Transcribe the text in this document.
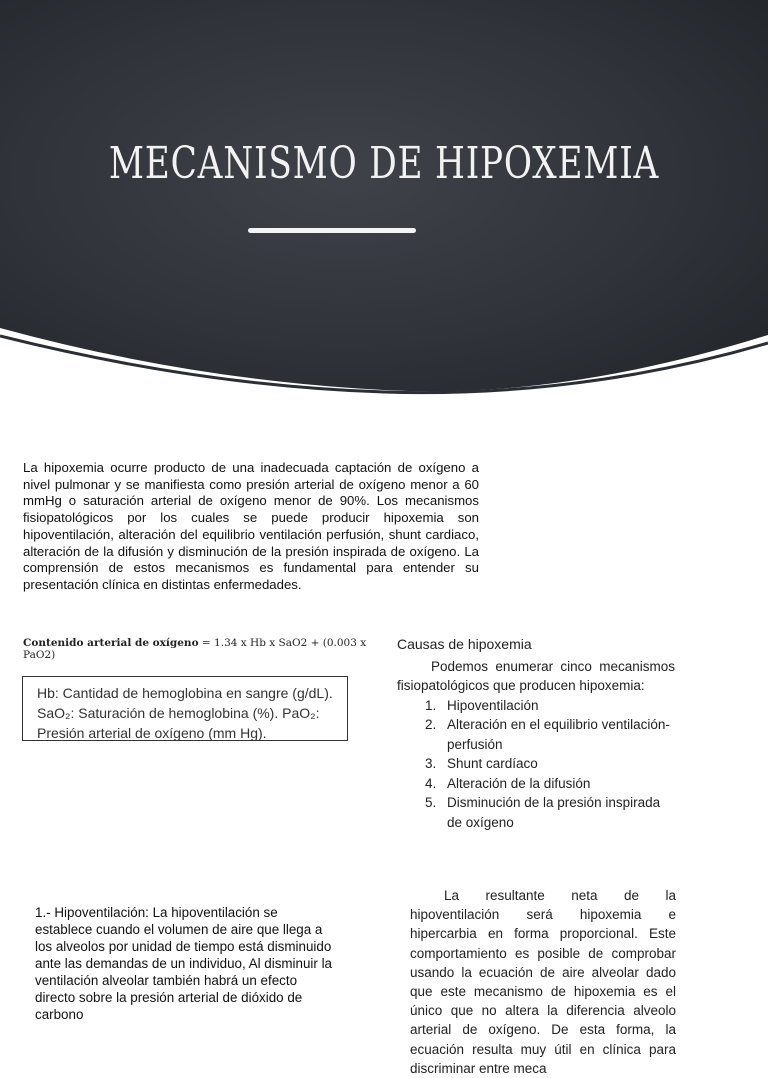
MECANISMO DE HIPOXEMIA

La hipoxemia ocurre producto de una inadecuada captación de oxígeno a nivel pulmonar y se manifiesta como presión arterial de oxígeno menor a 60 mmHg o saturación arterial de oxígeno menor de 90%. Los mecanismos fisiopatológicos por los cuales se puede producir hipoxemia son hipoventilación, alteración del equilibrio ventilación perfusión, shunt cardiaco, alteración de la difusión y disminución de la presión inspirada de oxígeno. La comprensión de estos mecanismos es fundamental para entender su presentación clínica en distintas enfermedades.

Contenido arterial de oxígeno = 1.34 x Hb x SaO2 + (0.003 x PaO2)
Hb: Cantidad de hemoglobina en sangre (g/dL). SaO₂: Saturación de hemoglobina (%). PaO₂: Presión arterial de oxígeno (mm Hg).
Causas de hipoxemia

Podemos enumerar cinco mecanismos fisiopatológicos que producen hipoxemia:

1. Hipoventilación
2. Alteración en el equilibrio ventilación-perfusión
3. Shunt cardíaco
4. Alteración de la difusión
5. Disminución de la presión inspirada de oxígeno

1.- Hipoventilación: La hipoventilación se establece cuando el volumen de aire que llega a los alveolos por unidad de tiempo está disminuido ante las demandas de un individuo, Al disminuir la ventilación alveolar también habrá un efecto directo sobre la presión arterial de dióxido de carbono

La resultante neta de la hipoventilación será hipoxemia e hipercarbia en forma proporcional. Este comportamiento es posible de comprobar usando la ecuación de aire alveolar dado que este mecanismo de hipoxemia es el único que no altera la diferencia alveolo arterial de oxígeno. De esta forma, la ecuación resulta muy útil en clínica para discriminar entre meca
